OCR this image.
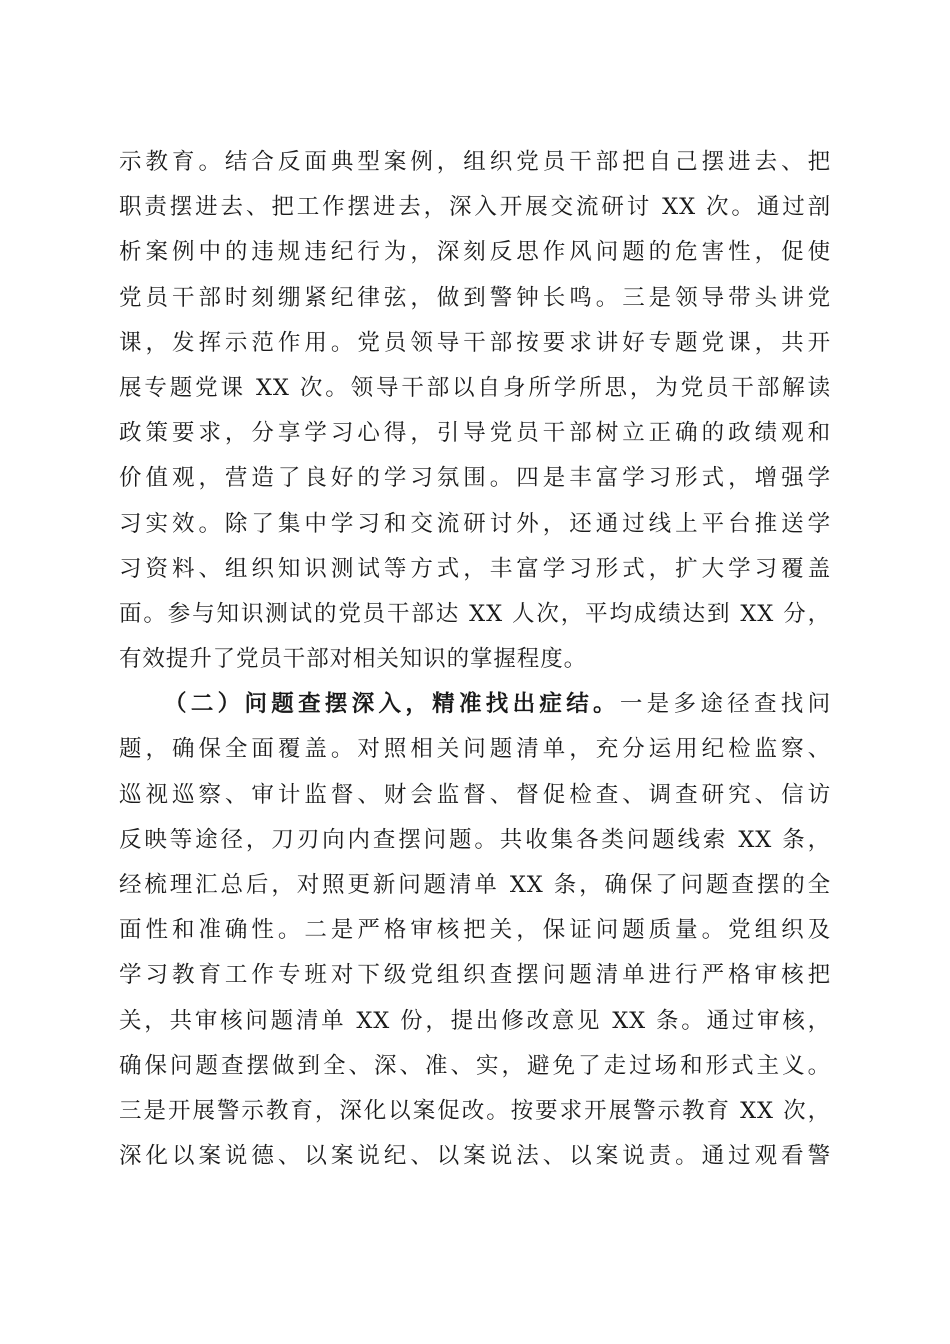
示教育。结合反面典型案例，组织党员干部把自己摆进去、把
职责摆进去、把工作摆进去，深入开展交流研讨 XX 次。通过剖
析案例中的违规违纪行为，深刻反思作风问题的危害性，促使
党员干部时刻绷紧纪律弦，做到警钟长鸣。三是领导带头讲党
课，发挥示范作用。党员领导干部按要求讲好专题党课，共开
展专题党课 XX 次。领导干部以自身所学所思，为党员干部解读
政策要求，分享学习心得，引导党员干部树立正确的政绩观和
价值观，营造了良好的学习氛围。四是丰富学习形式，增强学
习实效。除了集中学习和交流研讨外，还通过线上平台推送学
习资料、组织知识测试等方式，丰富学习形式，扩大学习覆盖
面。参与知识测试的党员干部达 XX 人次，平均成绩达到 XX 分，
有效提升了党员干部对相关知识的掌握程度。
（二）问题查摆深入，精准找出症结。一是多途径查找问
题，确保全面覆盖。对照相关问题清单，充分运用纪检监察、
巡视巡察、审计监督、财会监督、督促检查、调查研究、信访
反映等途径，刀刃向内查摆问题。共收集各类问题线索 XX 条，
经梳理汇总后，对照更新问题清单 XX 条，确保了问题查摆的全
面性和准确性。二是严格审核把关，保证问题质量。党组织及
学习教育工作专班对下级党组织查摆问题清单进行严格审核把
关，共审核问题清单 XX 份，提出修改意见 XX 条。通过审核，
确保问题查摆做到全、深、准、实，避免了走过场和形式主义。
三是开展警示教育，深化以案促改。按要求开展警示教育 XX 次，
深化以案说德、以案说纪、以案说法、以案说责。通过观看警
